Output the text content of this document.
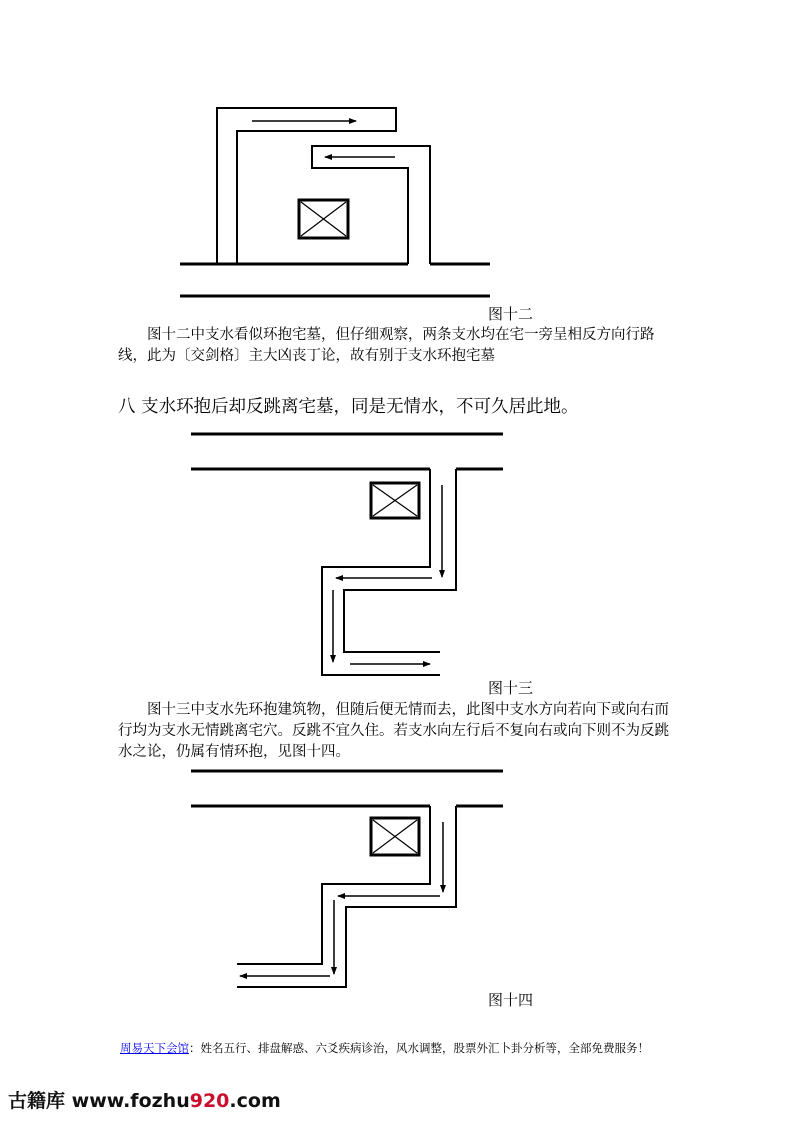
图十二
图十二中支水看似环抱宅墓，但仔细观察，两条支水均在宅一旁呈相反方向行路线，此为〔交剑格〕主大凶丧丁论，故有别于支水环抱宅墓
八 支水环抱后却反跳离宅墓，同是无情水，不可久居此地。
图十三
图十三中支水先环抱建筑物，但随后便无情而去，此图中支水方向若向下或向右而行均为支水无情跳离宅穴。反跳不宜久住。若支水向左行后不复向右或向下则不为反跳水之论，仍属有情环抱，见图十四。
图十四
周易天下会馆：姓名五行、排盘解惑、六爻疾病诊治，风水调整，股票外汇卜卦分析等，全部免费服务！
古籍库 www.fozhu920.com
